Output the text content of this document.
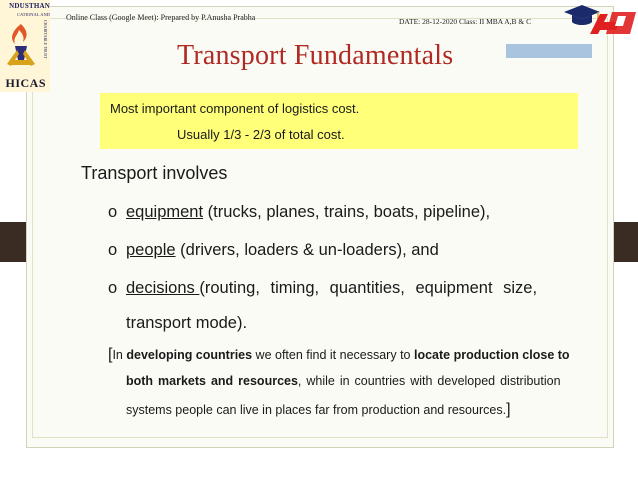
NDUSTHAN
CATIONAL AND
CHARITABLE TRUST
HICAS
Online Class (Google Meet): Prepared by P.Anusha Prabha	DATE: 28-12-2020 Class: II MBA A,B & C
Transport Fundamentals
Most important component of logistics cost.
Usually 1/3 - 2/3 of total cost.
Transport involves
o equipment (trucks, planes, trains, boats, pipeline),
o people (drivers, loaders & un-loaders), and
o decisions (routing, timing, quantities, equipment size,
transport mode).
[In developing countries we often find it necessary to locate production close to
both markets and resources, while in countries with developed distribution
systems people can live in places far from production and resources.]
